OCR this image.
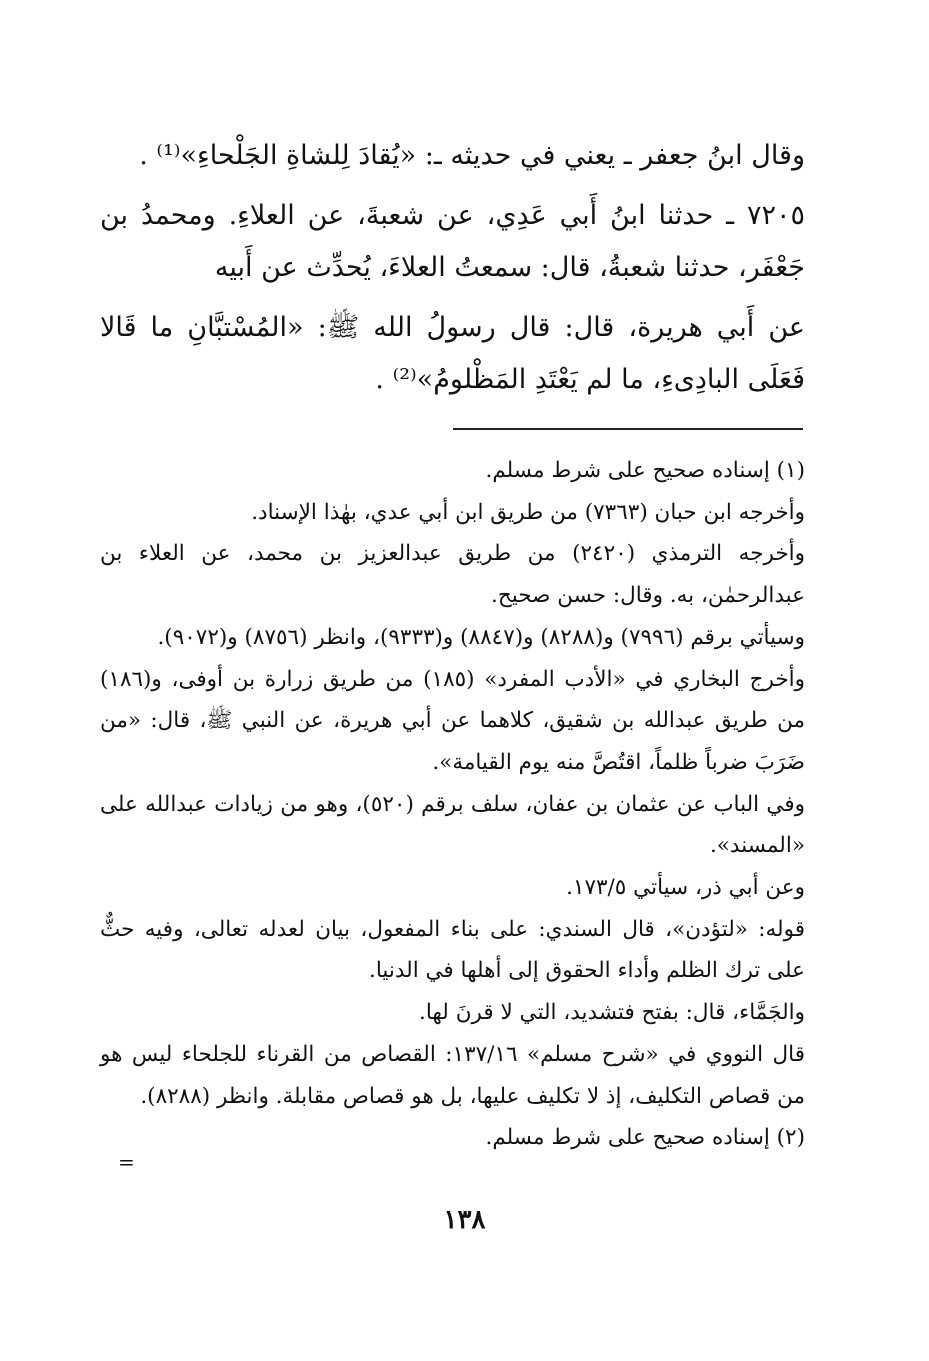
وقال ابنُ جعفر ـ يعني في حديثه ـ: «يُقادَ لِلشاةِ الجَلْحاءِ»⁽¹⁾ .

٧٢٠٥ ـ حدثنا ابنُ أَبي عَدِي، عن شعبةَ، عن العلاءِ. ومحمدُ بن جَعْفَر، حدثنا شعبةُ، قال: سمعتُ العلاءَ، يُحدِّث عن أَبيه

عن أَبي هريرة، قال: قال رسولُ الله ﷺ: «المُسْتبَّانِ ما قَالا فَعَلَى البادِىءِ، ما لم يَعْتَدِ المَظْلومُ»⁽²⁾ .

(١) إسناده صحيح على شرط مسلم.

وأخرجه ابن حبان (٧٣٦٣) من طريق ابن أبي عدي، بهٰذا الإسناد.

وأخرجه الترمذي (٢٤٢٠) من طريق عبدالعزيز بن محمد، عن العلاء بن عبدالرحمٰن، به. وقال: حسن صحيح.

وسيأتي برقم (٧٩٩٦) و(٨٢٨٨) و(٨٨٤٧) و(٩٣٣٣)، وانظر (٨٧٥٦) و(٩٠٧٢).

وأخرج البخاري في «الأدب المفرد» (١٨٥) من طريق زرارة بن أوفى، و(١٨٦) من طريق عبدالله بن شقيق، كلاهما عن أبي هريرة، عن النبي ﷺ، قال: «من ضَرَبَ ضرباً ظلماً، اقتُصَّ منه يوم القيامة».

وفي الباب عن عثمان بن عفان، سلف برقم (٥٢٠)، وهو من زيادات عبدالله على «المسند».

وعن أبي ذر، سيأتي ١٧٣/٥.

قوله: «لتؤدن»، قال السندي: على بناء المفعول، بيان لعدله تعالى، وفيه حثٌّ على ترك الظلم وأداء الحقوق إلى أهلها في الدنيا.

والجَمَّاء، قال: بفتح فتشديد، التي لا قرنَ لها.

قال النووي في «شرح مسلم» ١٣٧/١٦: القصاص من القرناء للجلحاء ليس هو من قصاص التكليف، إذ لا تكليف عليها، بل هو قصاص مقابلة. وانظر (٨٢٨٨).

(٢) إسناده صحيح على شرط مسلم.

=
١٣٨
